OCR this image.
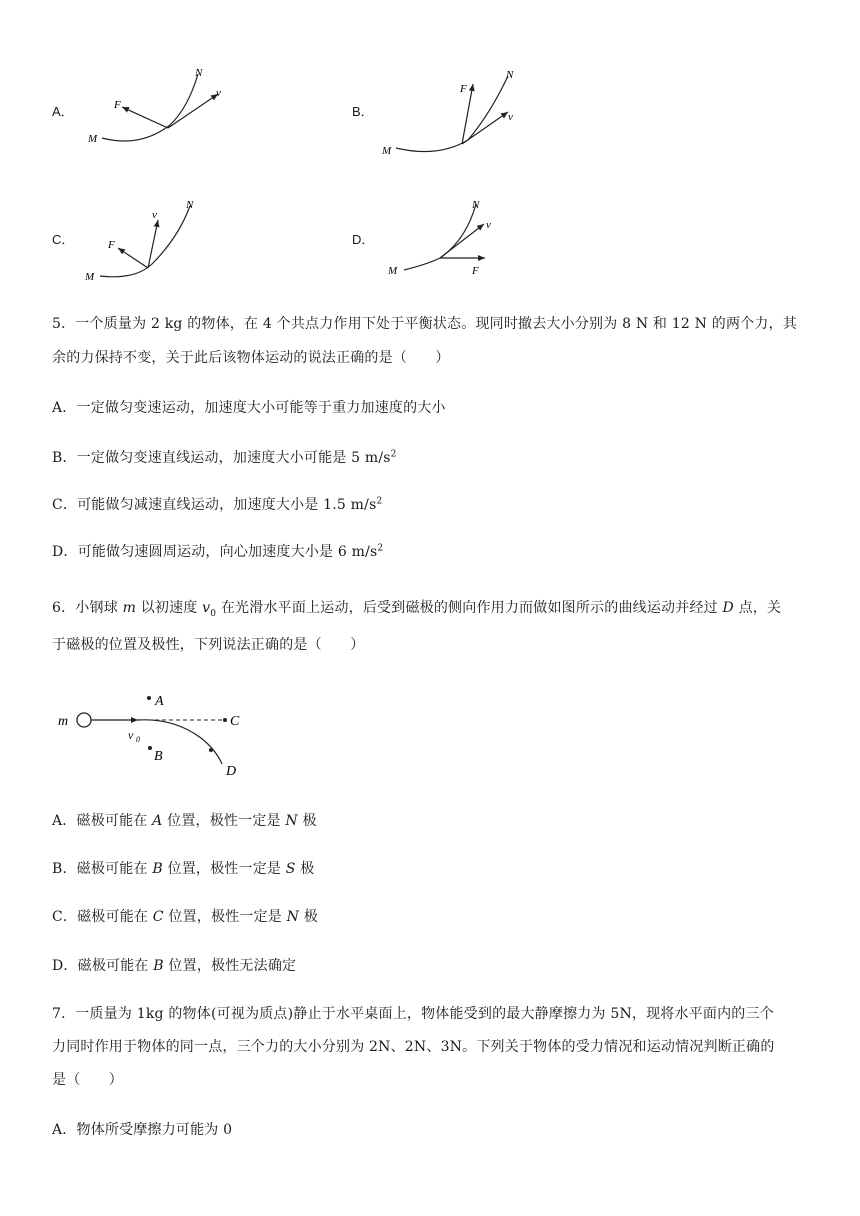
A．
M
F
N
v
B．
M
F
N
v
C．
M
F
v
N
D．
M	F
N
v
5．一个质量为 2 kg 的物体，在 4 个共点力作用下处于平衡状态。现同时撤去大小分别为 8 N 和 12 N 的两个力，其
余的力保持不变，关于此后该物体运动的说法正确的是（　　）
A．一定做匀变速运动，加速度大小可能等于重力加速度的大小
B．一定做匀变速直线运动，加速度大小可能是 5 $m/s^2$
C．可能做匀减速直线运动，加速度大小是 1.5 $m/s^2$
D．可能做匀速圆周运动，向心加速度大小是 6 $m/s^2$
6．小钢球 m 以初速度 $v_0$ 在光滑水平面上运动，后受到磁极的侧向作用力而做如图所示的曲线运动并经过 D 点，关
于磁极的位置及极性，下列说法正确的是（　　）
m
A
C
B
D
v 0
A．磁极可能在 A 位置，极性一定是 N 极
B．磁极可能在 B 位置，极性一定是 S 极
C．磁极可能在 C 位置，极性一定是 N 极
D．磁极可能在 B 位置，极性无法确定
7．一质量为 1kg 的物体(可视为质点)静止于水平桌面上，物体能受到的最大静摩擦力为 5N，现将水平面内的三个
力同时作用于物体的同一点，三个力的大小分别为 2N、2N、3N。下列关于物体的受力情况和运动情况判断正确的
是（　　）
A．物体所受摩擦力可能为 0
